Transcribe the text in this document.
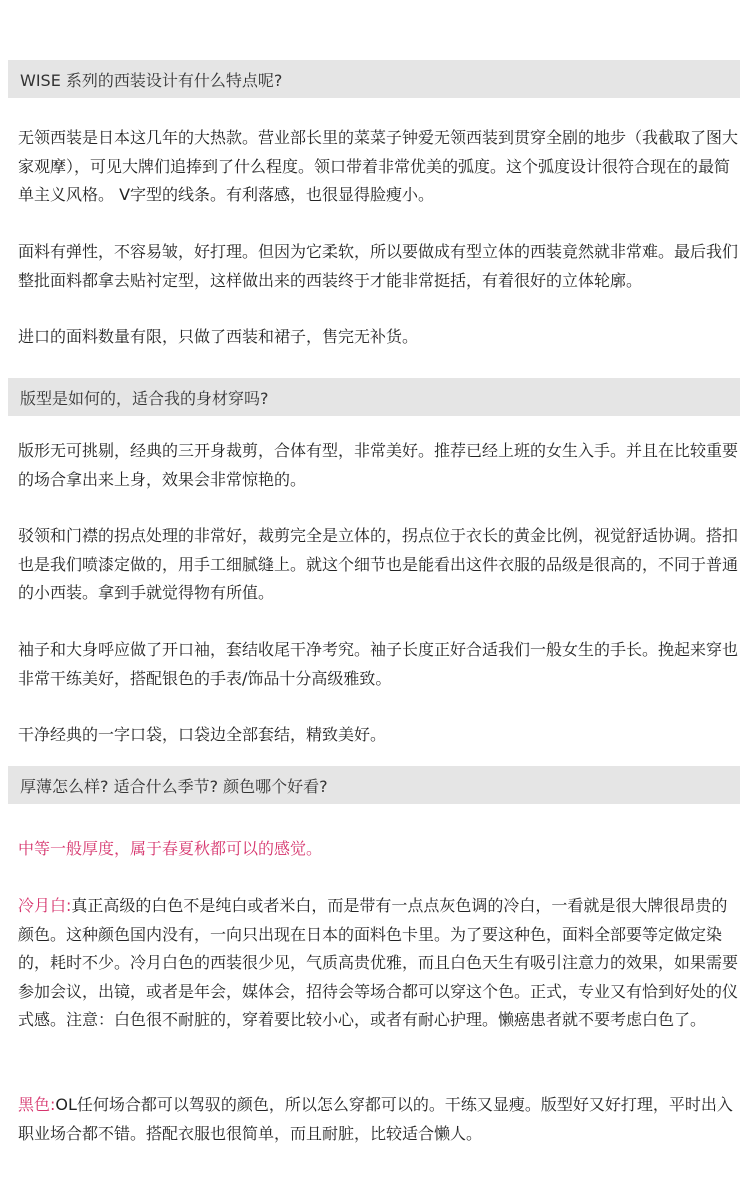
WISE 系列的西装设计有什么特点呢?

无领西装是日本这几年的大热款。营业部长里的菜菜子钟爱无领西装到贯穿全剧的地步（我截取了图大家观摩），可见大牌们追捧到了什么程度。领口带着非常优美的弧度。这个弧度设计很符合现在的最简单主义风格。 V字型的线条。有利落感，也很显得脸瘦小。

面料有弹性，不容易皱，好打理。但因为它柔软，所以要做成有型立体的西装竟然就非常难。最后我们整批面料都拿去贴衬定型，这样做出来的西装终于才能非常挺括，有着很好的立体轮廓。

进口的面料数量有限，只做了西装和裙子，售完无补货。

版型是如何的，适合我的身材穿吗?

版形无可挑剔，经典的三开身裁剪，合体有型，非常美好。推荐已经上班的女生入手。并且在比较重要的场合拿出来上身，效果会非常惊艳的。

驳领和门襟的拐点处理的非常好，裁剪完全是立体的，拐点位于衣长的黄金比例，视觉舒适协调。搭扣也是我们喷漆定做的，用手工细腻缝上。就这个细节也是能看出这件衣服的品级是很高的，不同于普通的小西装。拿到手就觉得物有所值。

袖子和大身呼应做了开口袖，套结收尾干净考究。袖子长度正好合适我们一般女生的手长。挽起来穿也非常干练美好，搭配银色的手表/饰品十分高级雅致。

干净经典的一字口袋，口袋边全部套结，精致美好。

厚薄怎么样? 适合什么季节? 颜色哪个好看?

中等一般厚度，属于春夏秋都可以的感觉。

冷月白:真正高级的白色不是纯白或者米白，而是带有一点点灰色调的冷白，一看就是很大牌很昂贵的颜色。这种颜色国内没有，一向只出现在日本的面料色卡里。为了要这种色，面料全部要等定做定染的，耗时不少。冷月白色的西装很少见，气质高贵优雅，而且白色天生有吸引注意力的效果，如果需要参加会议，出镜，或者是年会，媒体会，招待会等场合都可以穿这个色。正式，专业又有恰到好处的仪式感。注意：白色很不耐脏的，穿着要比较小心，或者有耐心护理。懒癌患者就不要考虑白色了。

黑色:OL任何场合都可以驾驭的颜色，所以怎么穿都可以的。干练又显瘦。版型好又好打理，平时出入职业场合都不错。搭配衣服也很简单，而且耐脏，比较适合懒人。
